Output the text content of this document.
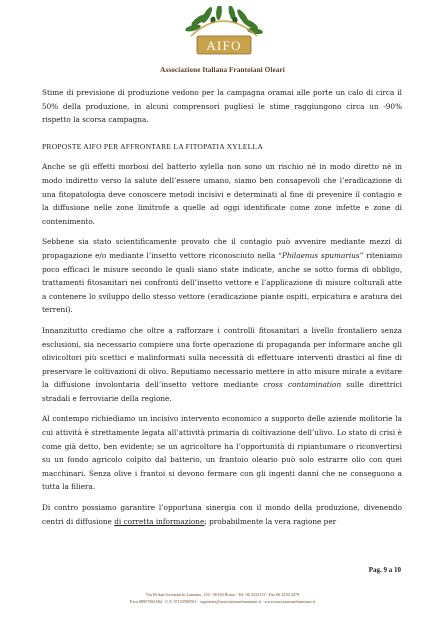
AIFO
Associazione Italiana Frantoiani Oleari

Stime di previsione di produzione vedono per la campagna oramai alle porte un calo di circa il 50% della produzione, in alcuni comprensori pugliesi le stime raggiungono circa un -90% rispetto la scorsa campagna.

PROPOSTE AIFO PER AFFRONTARE LA FITOPATIA XYLELLA

Anche se gli effetti morbosi del batterio xylella non sono un rischio né in modo diretto né in modo indiretto verso la salute dell’essere umano, siamo ben consapevoli che l’eradicazione di una fitopatologia deve conoscere metodi incisivi e determinati al fine di prevenire il contagio e la diffusione nelle zone limitrofe a quelle ad oggi identificate come zone infette e zone di contenimento.

Sebbene sia stato scientificamente provato che il contagio può avvenire mediante mezzi di propagazione e/o mediante l’insetto vettore riconosciuto nella “Philaenus spumarius” riteniamo poco efficaci le misure secondo le quali siano state indicate, anche se sotto forma di obbligo, trattamenti fitosanitari nei confronti dell’insetto vettore e l’applicazione di misure colturali atte a contenere lo sviluppo dello stesso vettore (eradicazione piante ospiti, erpicatura e aratura dei terreni).

Innanzitutto crediamo che oltre a rafforzare i controlli fitosanitari a livello frontaliero senza esclusioni, sia necessario compiere una forte operazione di propaganda per informare anche gli olivicoltori più scettici e malinformati sulla necessità di effettuare interventi drastici al fine di preservare le coltivazioni di olivo. Reputiamo necessario mettere in atto misure mirate a evitare la diffusione involontaria dell’insetto vettore mediante cross contamination sulle direttrici stradali e ferroviarie della regione.

Al contempo richiediamo un incisivo intervento economico a supporto delle aziende molitorie la cui attività è strettamente legata all’attività primaria di coltivazione dell’ulivo. Lo stato di crisi è come già detto, ben evidente; se un agricoltore ha l’opportunità di ripiantumare o riconvertirsi su un fondo agricolo colpito dal batterio, un frantoio oleario può solo estrarre olio con quei macchinari. Senza olive i frantoi si devono fermare con gli ingenti danni che ne conseguono a tutta la filiera.

Di contro possiamo garantire l’opportuna sinergia con il mondo della produzione, divenendo centri di diffusione di corretta informazione; probabilmente la vera ragione per

Pag. 9 a 10
Via Di San Giovanni In Laterano, 152 - 00184 Roma - Tel. 06 3232113 - Fax 06 3230 4279
P.iva 08957841004 - C.F. 97153580581 - segreteria@associazionefrantoiani.it - www.associazionefrantoiani.it
